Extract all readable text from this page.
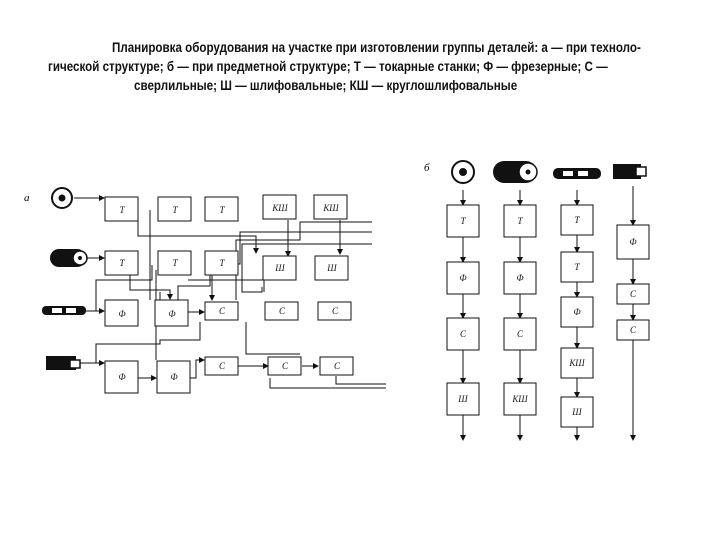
Планировка оборудования на участке при изготовлении группы деталей: а — при техноло-
гической структуре; б — при предметной структуре; Т — токарные станки; Ф — фрезерные; С —
сверлильные; Ш — шлифовальные; КШ — круглошлифовальные
а
Т	Т	Т	КШ	КШ
Т	Т	Т	Ш	Ш
Ф	Ф	С	С	С
Ф	Ф
С	С	С
б
Т
Ф
С
Ш
Т
Ф
С
КШ
Т
Т
Ф
КШ
Ш
Ф
С
С
